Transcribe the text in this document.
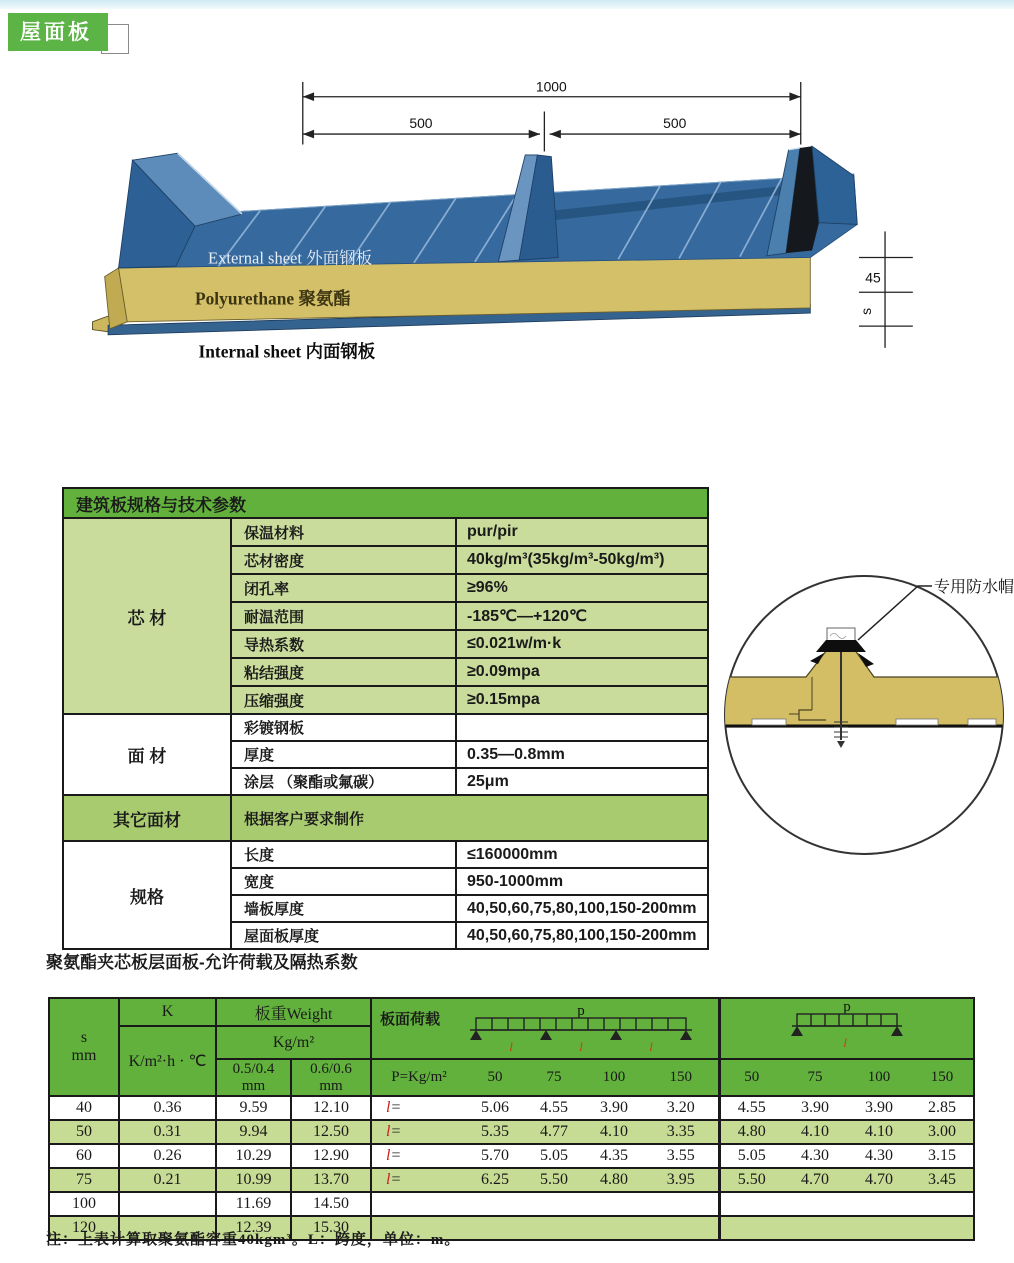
屋面板
1000
500	500
External sheet 外面钢板
Polyurethane 聚氨酯
Internal sheet 内面钢板
45
s
建筑板规格与技术参数		
芯 材	保温材料	pur/pir
	芯材密度	40kg/m³(35kg/m³-50kg/m³)
	闭孔率	≥96%
	耐温范围	-185℃—+120℃
	导热系数	≤0.021w/m·k
	粘结强度	≥0.09mpa
	压缩强度	≥0.15mpa
面 材	彩镀钢板	
	厚度	0.35—0.8mm
	涂层 （聚酯或氟碳）	25μm
其它面材	根据客户要求制作	
规格	长度	≤160000mm
	宽度	950-1000mm
	墙板厚度	40,50,60,75,80,100,150-200mm
	屋面板厚度	40,50,60,75,80,100,150-200mm
专用防水帽
聚氨酯夹芯板层面板-允许荷载及隔热系数
s
mm
	K	板重Weight	板面荷载	p
l	l	l

p
l

	K/m²·h · ℃	Kg/m²										

0.5/0.4
mm

0.6/0.6
mm
	P=Kg/m²	50	75	100	150	50	75	100	150
40	0.36	9.59	12.10	l=	5.06	4.55	3.90	3.20	4.55	3.90	3.90	2.85
50	0.31	9.94	12.50	l=	5.35	4.77	4.10	3.35	4.80	4.10	4.10	3.00
60	0.26	10.29	12.90	l=	5.70	5.05	4.35	3.55	5.05	4.30	4.30	3.15
75	0.21	10.99	13.70	l=	6.25	5.50	4.80	3.95	5.50	4.70	4.70	3.45
100		11.69	14.50									
120		12.39	15.30									
注：上表计算取聚氨酯容重40kgm³。L：跨度，单位：m。
